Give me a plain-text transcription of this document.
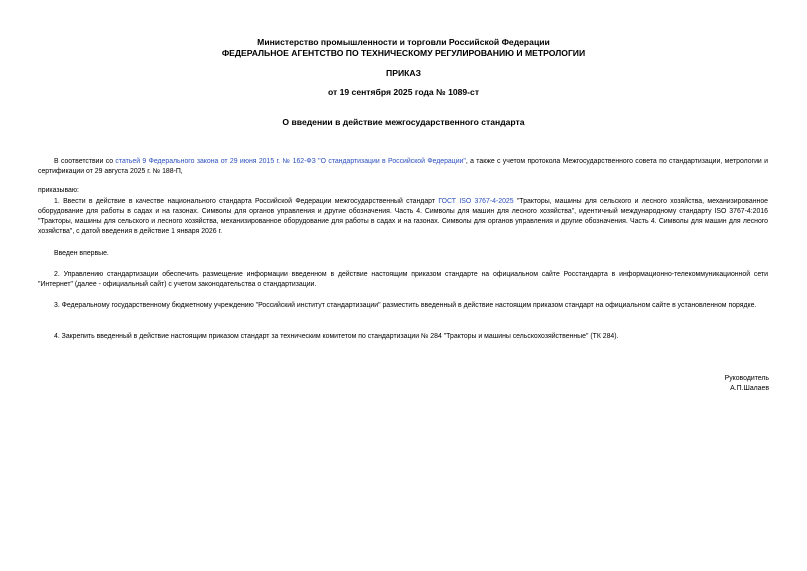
Министерство промышленности и торговли Российской Федерации
ФЕДЕРАЛЬНОЕ АГЕНТСТВО ПО ТЕХНИЧЕСКОМУ РЕГУЛИРОВАНИЮ И МЕТРОЛОГИИ
ПРИКАЗ
от 19 сентября 2025 года № 1089-ст
О введении в действие межгосударственного стандарта
В соответствии со статьей 9 Федерального закона от 29 июня 2015 г. № 162-ФЗ "О стандартизации в Российской Федерации", а также с учетом протокола Межгосударственного совета по стандартизации, метрологии и сертификации от 29 августа 2025 г. № 188-П,
приказываю:
1. Ввести в действие в качестве национального стандарта Российской Федерации межгосударственный стандарт ГОСТ ISO 3767-4-2025 "Тракторы, машины для сельского и лесного хозяйства, механизированное оборудование для работы в садах и на газонах. Символы для органов управления и другие обозначения. Часть 4. Символы для машин для лесного хозяйства", идентичный международному стандарту ISO 3767-4:2016 "Тракторы, машины для сельского и лесного хозяйства, механизированное оборудование для работы в садах и на газонах. Символы для органов управления и другие обозначения. Часть 4. Символы для машин для лесного хозяйства", с датой введения в действие 1 января 2026 г.
Введен впервые.
2. Управлению стандартизации обеспечить размещение информации введенном в действие настоящим приказом стандарте на официальном сайте Росстандарта в информационно-телекоммуникационной сети "Интернет" (далее - официальный сайт) с учетом законодательства о стандартизации.
3. Федеральному государственному бюджетному учреждению "Российский институт стандартизации" разместить введенный в действие настоящим приказом стандарт на официальном сайте в установленном порядке.
4. Закрепить введенный в действие настоящим приказом стандарт за техническим комитетом по стандартизации № 284 "Тракторы и машины сельскохозяйственные" (ТК 284).
Руководитель
А.П.Шалаев
